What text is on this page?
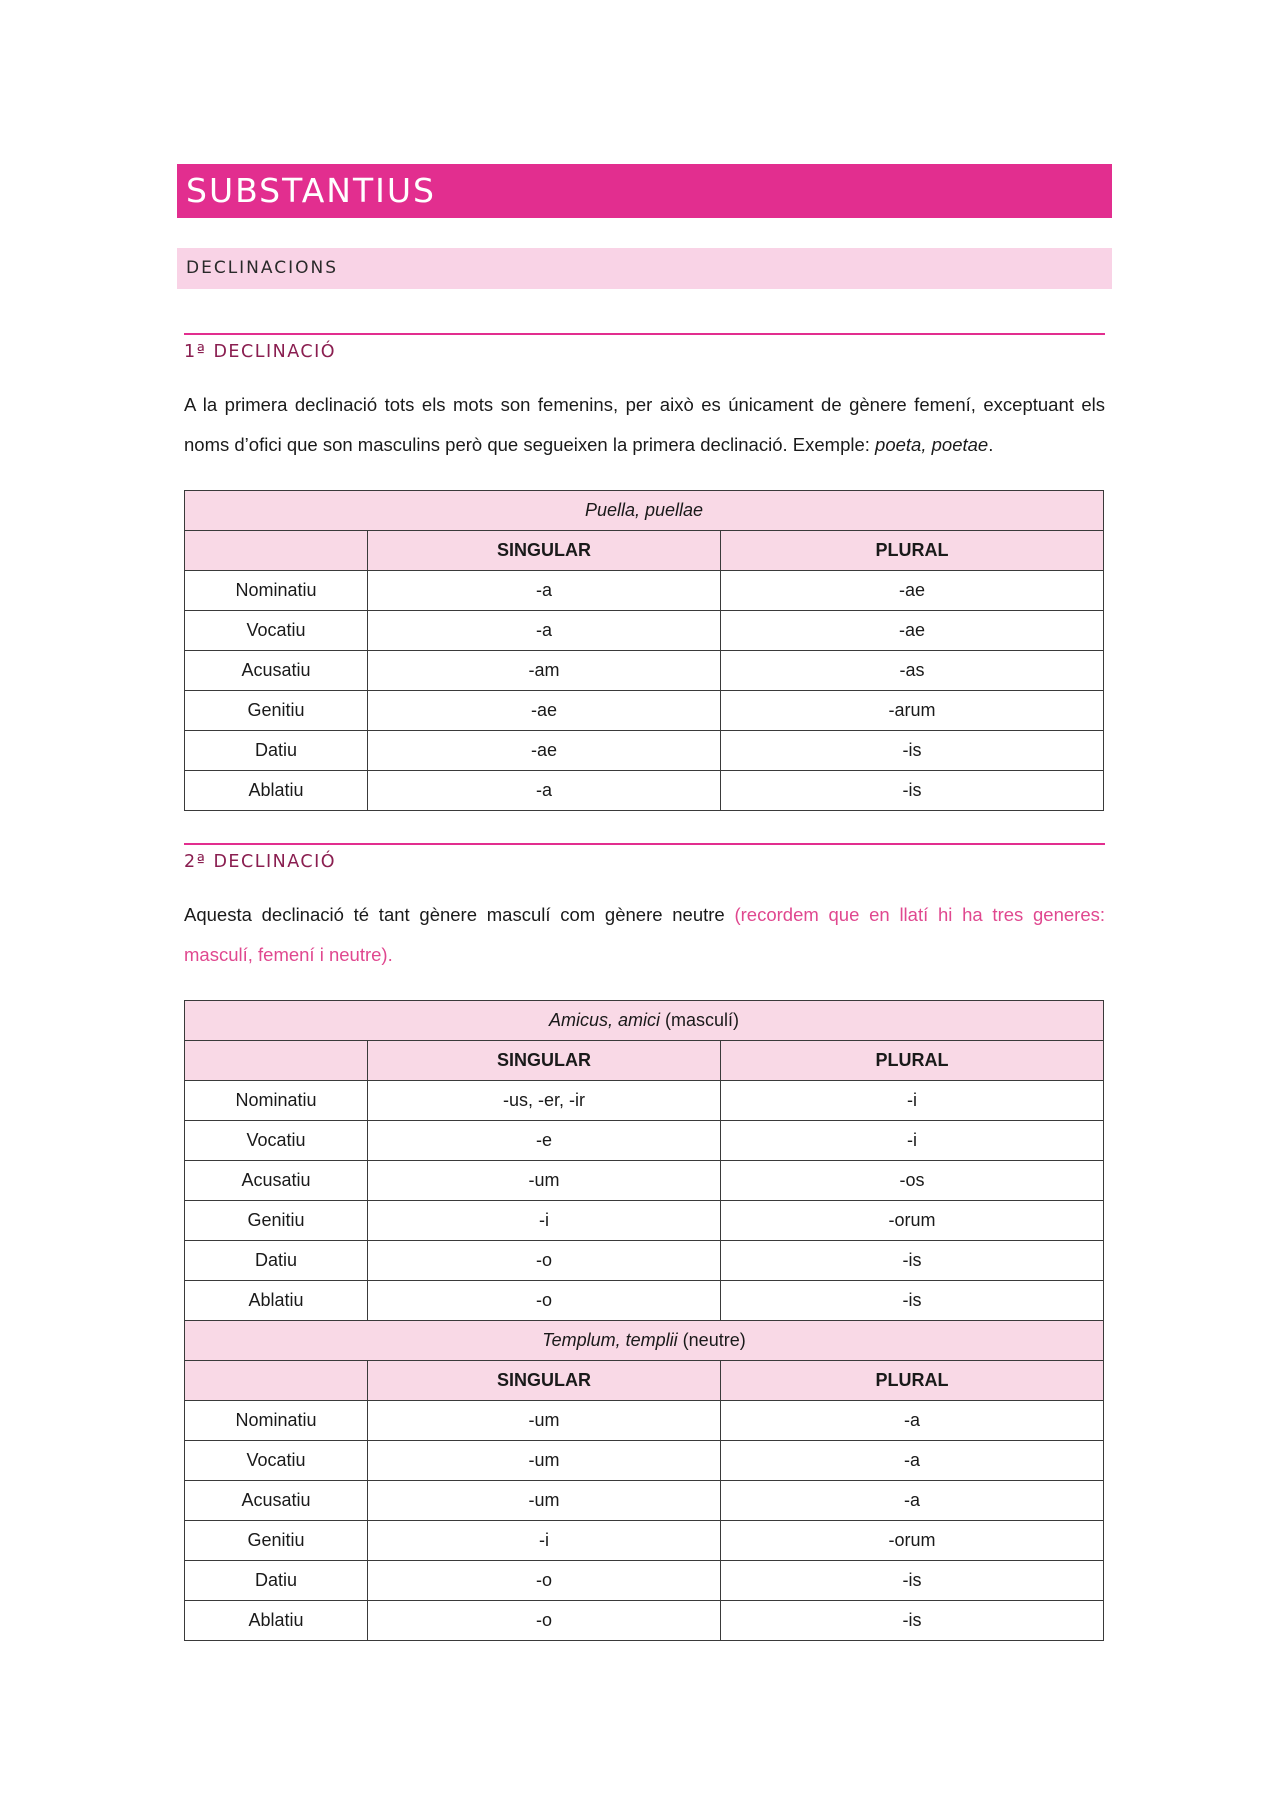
SUBSTANTIUS
DECLINACIONS
1ª DECLINACIÓ
A la primera declinació tots els mots son femenins, per això es únicament de gènere femení, exceptuant els noms d’ofici que son masculins però que segueixen la primera declinació. Exemple: poeta, poetae.
Puella, puellae		
	SINGULAR	PLURAL
Nominatiu	-a	-ae
Vocatiu	-a	-ae
Acusatiu	-am	-as
Genitiu	-ae	-arum
Datiu	-ae	-is
Ablatiu	-a	-is
2ª DECLINACIÓ
Aquesta declinació té tant gènere masculí com gènere neutre (recordem que en llatí hi ha tres generes: masculí, femení i neutre).
Amicus, amici (masculí)		
	SINGULAR	PLURAL
Nominatiu	-us, -er, -ir	-i
Vocatiu	-e	-i
Acusatiu	-um	-os
Genitiu	-i	-orum
Datiu	-o	-is
Ablatiu	-o	-is
Templum, templii (neutre)		
	SINGULAR	PLURAL
Nominatiu	-um	-a
Vocatiu	-um	-a
Acusatiu	-um	-a
Genitiu	-i	-orum
Datiu	-o	-is
Ablatiu	-o	-is
